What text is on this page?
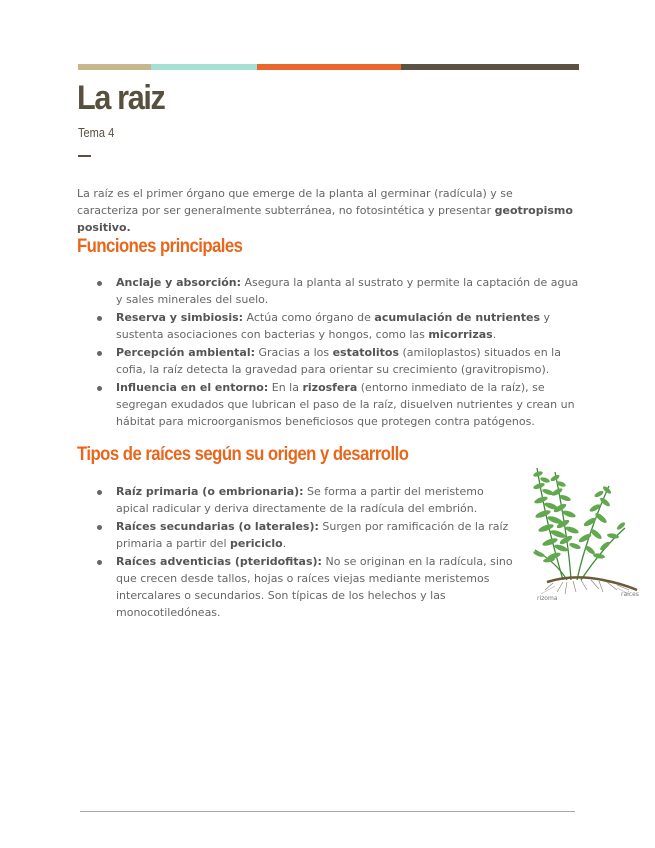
La raiz
Tema 4

La raíz es el primer órgano que emerge de la planta al germinar (radícula) y se caracteriza por ser generalmente subterránea, no fotosintética y presentar geotropismo positivo.

Funciones principales
Anclaje y absorción: Asegura la planta al sustrato y permite la captación de agua y sales minerales del suelo.
Reserva y simbiosis: Actúa como órgano de acumulación de nutrientes y sustenta asociaciones con bacterias y hongos, como las micorrizas.
Percepción ambiental: Gracias a los estatolitos (amiloplastos) situados en la cofia, la raíz detecta la gravedad para orientar su crecimiento (gravitropismo).
Influencia en el entorno: En la rizosfera (entorno inmediato de la raíz), se segregan exudados que lubrican el paso de la raíz, disuelven nutrientes y crean un hábitat para microorganismos beneficiosos que protegen contra patógenos.
Tipos de raíces según su origen y desarrollo
Raíz primaria (o embrionaria): Se forma a partir del meristemo apical radicular y deriva directamente de la radícula del embrión.
Raíces secundarias (o laterales): Surgen por ramificación de la raíz primaria a partir del periciclo.
Raíces adventicias (pteridofitas): No se originan en la radícula, sino que crecen desde tallos, hojas o raíces viejas mediante meristemos intercalares o secundarios. Son típicas de los helechos y las monocotiledóneas.
rizoma
raíces
